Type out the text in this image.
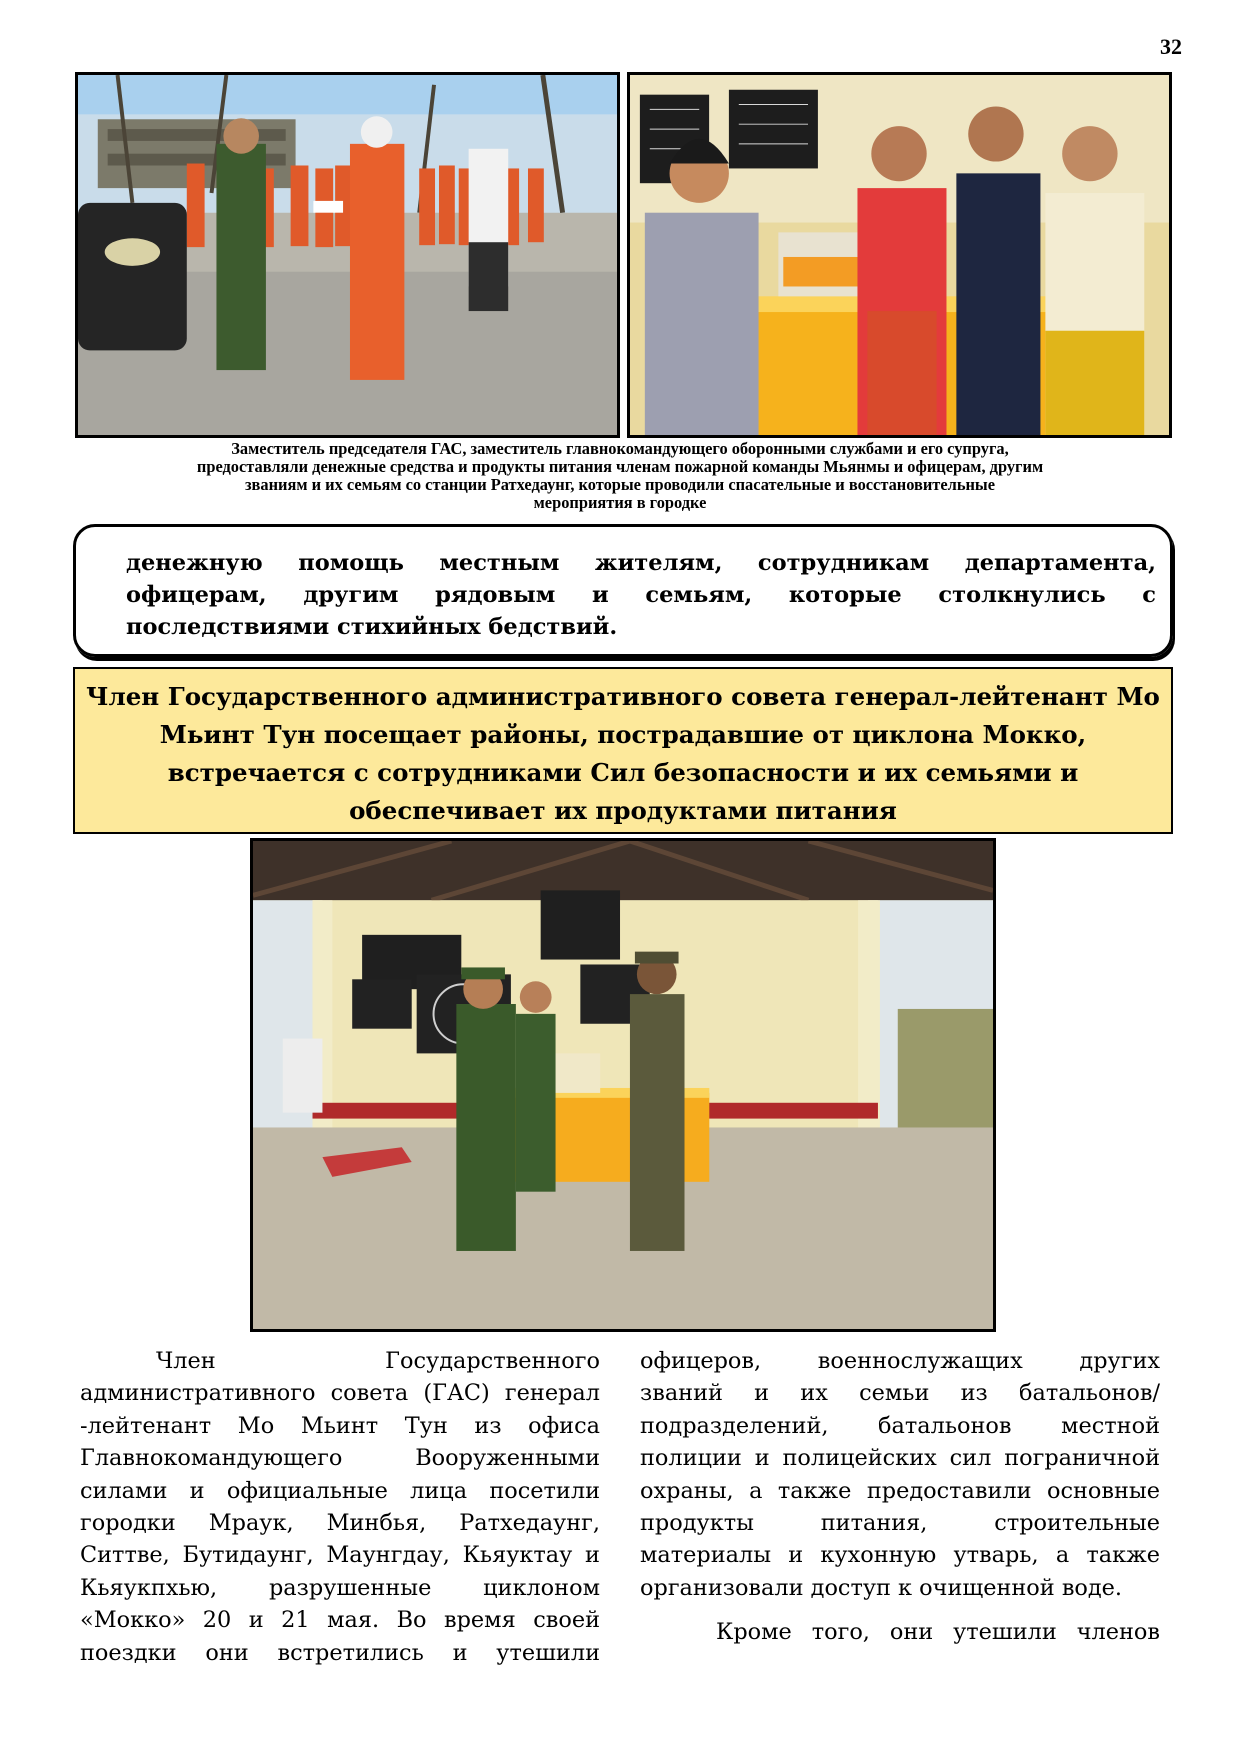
32
Заместитель председателя ГАС, заместитель главнокомандующего оборонными службами и его супруга,
предоставляли денежные средства и продукты питания членам пожарной команды Мьянмы и офицерам, другим
званиям и их семьям со станции Ратхедаунг, которые проводили спасательные и восстановительные
мероприятия в городке

денежную помощь местным жителям, сотрудникам департамента, офицерам, другим рядовым и семьям, которые столкнулись с последствиями стихийных бедствий.

Член Государственного административного совета генерал-лейтенант Мо
Мьинт Тун посещает районы, пострадавшие от циклона Мокко,
встречается с сотрудниками Сил безопасности и их семьями и
обеспечивает их продуктами питания
Член Государственного
административного совета (ГАС) генерал
-лейтенант Мо Мьинт Тун из офиса
Главнокомандующего Вооруженными
силами и официальные лица посетили
городки Мраук, Минбья, Ратхедаунг,
Ситтве, Бутидаунг, Маунгдау, Кьяуктау и
Кьяукпхью, разрушенные циклоном
«Мокко» 20 и 21 мая. Во время своей
поездки они встретились и утешили
офицеров, военнослужащих других
званий и их семьи из батальонов/
подразделений, батальонов местной
полиции и полицейских сил пограничной
охраны, а также предоставили основные
продукты питания, строительные
материалы и кухонную утварь, а также
организовали доступ к очищенной воде.
Кроме того, они утешили членов
